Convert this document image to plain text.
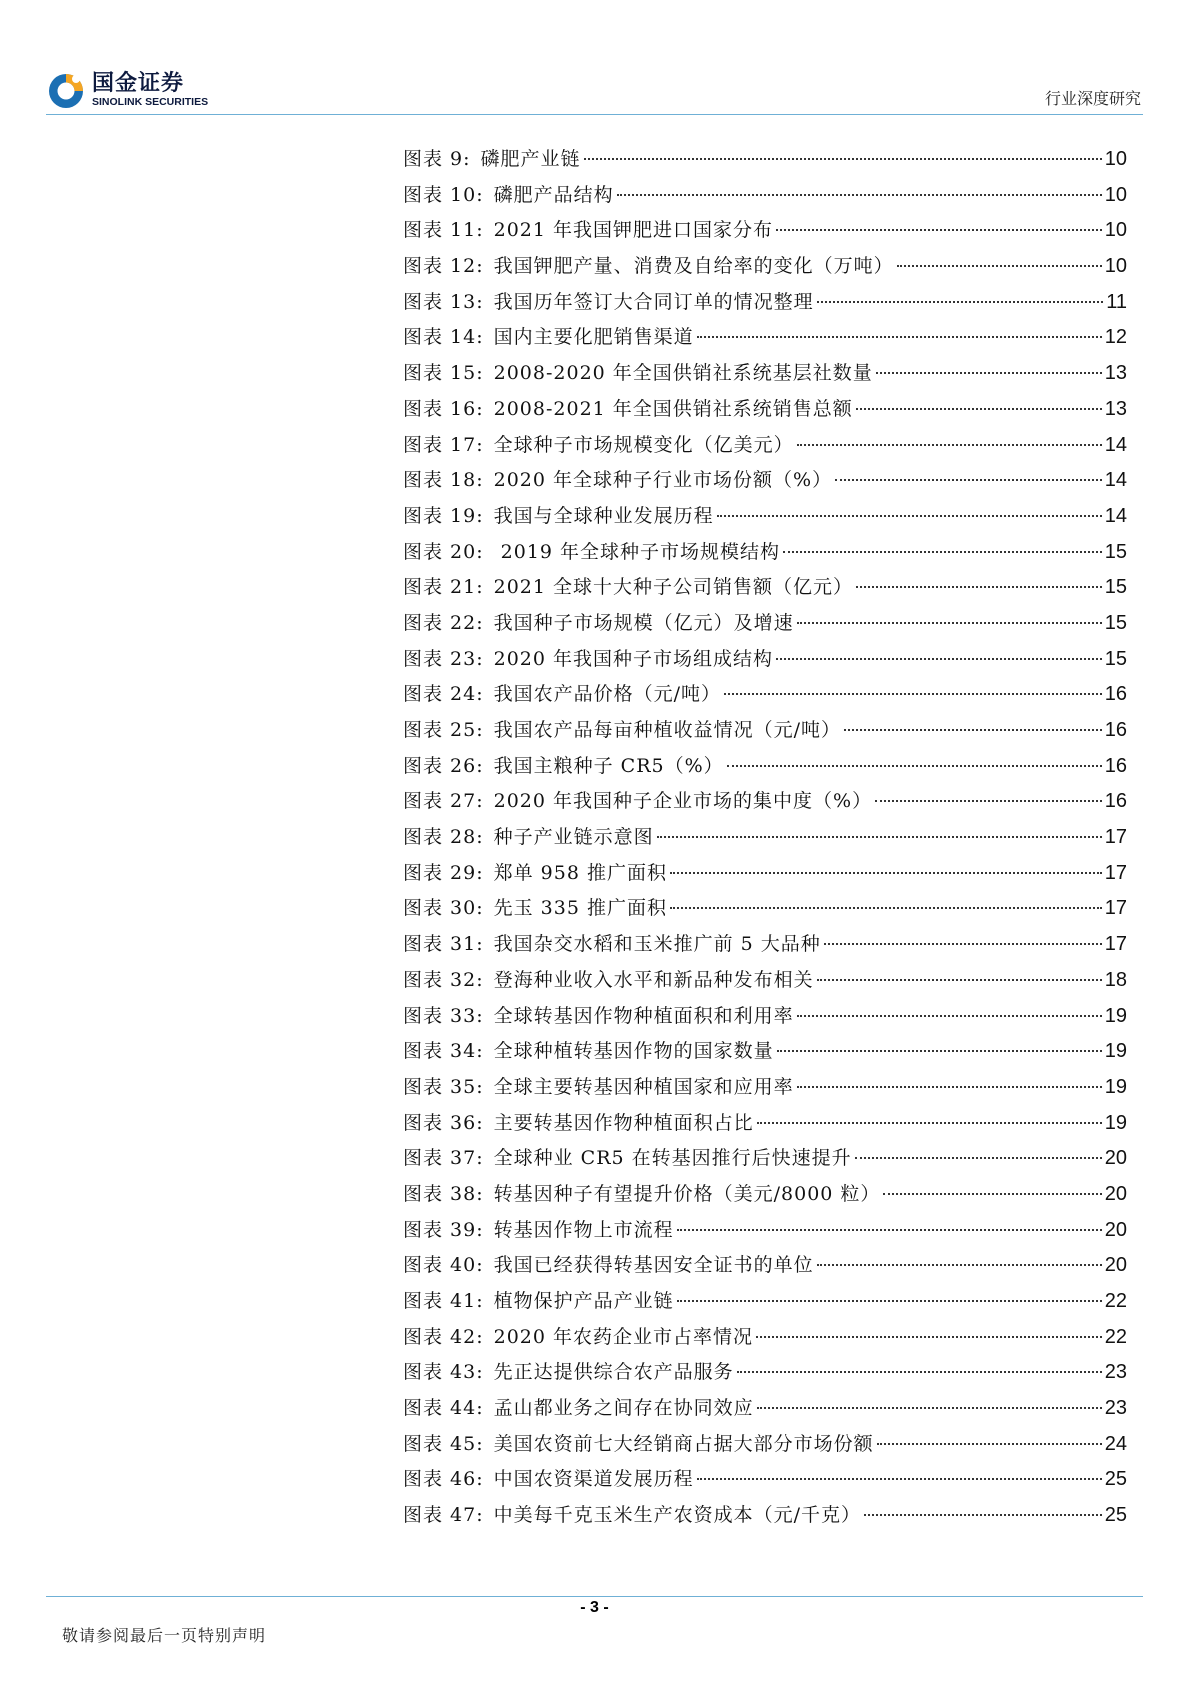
国金证券
SINOLINK SECURITIES	行业深度研究
图表 9: 磷肥产业链	10
图表 10: 磷肥产品结构	10
图表 11: 2021 年我国钾肥进口国家分布	10
图表 12: 我国钾肥产量、消费及自给率的变化（万吨）	10
图表 13: 我国历年签订大合同订单的情况整理	11
图表 14: 国内主要化肥销售渠道	12
图表 15: 2008-2020 年全国供销社系统基层社数量	13
图表 16: 2008-2021 年全国供销社系统销售总额	13
图表 17: 全球种子市场规模变化（亿美元）	14
图表 18: 2020 年全球种子行业市场份额（%）	14
图表 19: 我国与全球种业发展历程	14
图表 20: 2019 年全球种子市场规模结构	15
图表 21: 2021 全球十大种子公司销售额（亿元）	15
图表 22: 我国种子市场规模（亿元）及增速	15
图表 23: 2020 年我国种子市场组成结构	15
图表 24: 我国农产品价格（元/吨）	16
图表 25: 我国农产品每亩种植收益情况（元/吨）	16
图表 26: 我国主粮种子 CR5（%）	16
图表 27: 2020 年我国种子企业市场的集中度（%）	16
图表 28: 种子产业链示意图	17
图表 29: 郑单 958 推广面积	17
图表 30: 先玉 335 推广面积	17
图表 31: 我国杂交水稻和玉米推广前 5 大品种	17
图表 32: 登海种业收入水平和新品种发布相关	18
图表 33: 全球转基因作物种植面积和利用率	19
图表 34: 全球种植转基因作物的国家数量	19
图表 35: 全球主要转基因种植国家和应用率	19
图表 36: 主要转基因作物种植面积占比	19
图表 37: 全球种业 CR5 在转基因推行后快速提升	20
图表 38: 转基因种子有望提升价格（美元/8000 粒）	20
图表 39: 转基因作物上市流程	20
图表 40: 我国已经获得转基因安全证书的单位	20
图表 41: 植物保护产品产业链	22
图表 42: 2020 年农药企业市占率情况	22
图表 43: 先正达提供综合农产品服务	23
图表 44: 孟山都业务之间存在协同效应	23
图表 45: 美国农资前七大经销商占据大部分市场份额	24
图表 46: 中国农资渠道发展历程	25
图表 47: 中美每千克玉米生产农资成本（元/千克）	25
- 3 -
敬请参阅最后一页特别声明
